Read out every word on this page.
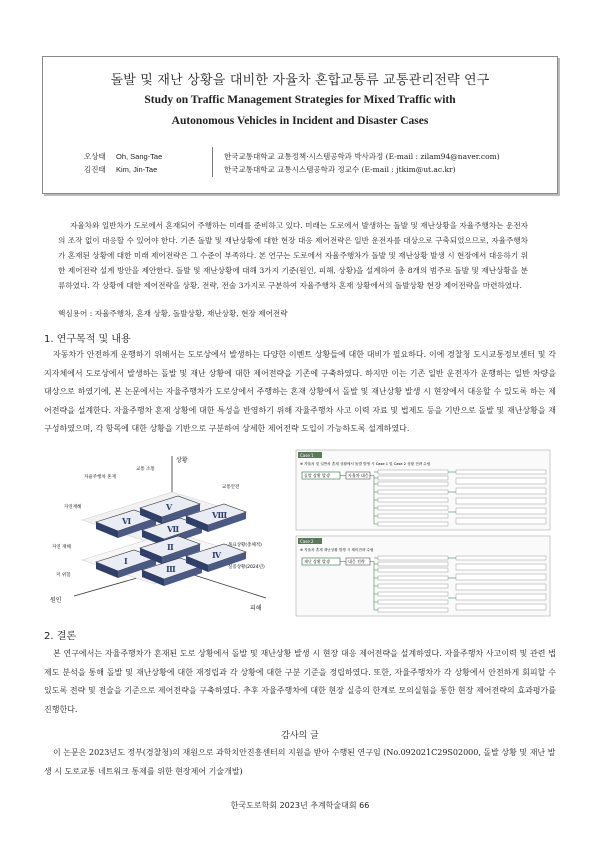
돌발 및 재난 상황을 대비한 자율차 혼합교통류 교통관리전략 연구
Study on Traffic Management Strategies for Mixed Traffic with
Autonomous Vehicles in Incident and Disaster Cases
오상태 Oh, Sang-Tae	한국교통대학교 교통정책·시스템공학과 박사과정 (E-mail : zilam94@naver.com)
김진태 Kim, Jin-Tae	한국교통대학교 교통시스템공학과 정교수 (E-mail : jtkim@ut.ac.kr)

자율차와 일반차가 도로에서 혼재되어 주행하는 미래를 준비하고 있다. 미래는 도로에서 발생하는 돌발 및 재난상황을 자율주행차는 운전자의 조작 없이 대응할 수 있어야 한다. 기존 돌발 및 재난상황에 대한 현장 대응 제어전략은 일반 운전자를 대상으로 구축되었으므로, 자율주행차가 혼재된 상황에 대한 미래 제어전략은 그 수준이 부족하다. 본 연구는 도로에서 자율주행차가 돌발 및 재난상황 발생 시 현장에서 대응하기 위한 제어전략 설계 방안을 제안한다. 돌발 및 재난상황에 대해 3가지 기준(원인, 피해, 상황)을 설계하여 총 8개의 범주로 돌발 및 재난상황을 분류하였다. 각 상황에 대한 제어전략을 상황, 전략, 전술 3가지로 구분하여 자율주행차 혼재 상황에서의 돌발상황 현장 제어전략을 마련하였다.

핵심용어 : 자율주행차, 혼재 상황, 돌발상황, 재난상황, 현장 제어전략
1. 연구목적 및 내용

자동차가 안전하게 운행하기 위해서는 도로상에서 발생하는 다양한 이벤트 상황들에 대한 대비가 필요하다. 이에 경찰청 도시교통정보센터 및 각 지자체에서 도로상에서 발생하는 돌발 및 재난 상황에 대한 제어전략을 기존에 구축하였다. 하지만 이는 기존 일반 운전자가 운행하는 일반 차량을 대상으로 하였기에, 본 논문에서는 자율주행차가 도로상에서 주행하는 혼재 상황에서 돌발 및 재난상황 발생 시 현장에서 대응할 수 있도록 하는 제어전략을 설계한다. 자율주행차 혼재 상황에 대한 특성을 반영하기 위해 자율주행차 사고 이력 자료 및 법제도 등을 기반으로 돌발 및 재난상황을 재구성하였으며, 각 항목에 대한 상황을 기반으로 구분하여 상세한 제어전략 도입이 가능하도록 설계하였다.

상황
원인
피해
Ⅵ
Ⅴ
Ⅶ
Ⅷ
Ⅰ
Ⅱ
Ⅲ
Ⅳ
자율주행차 혼재
교통 소통
자연재해
교통안전
자연 재해
저 위험
목표상황(총체적)
실증상황(2024년)
Case 1
※ 자율차 및 일반차 혼재 상황에서 돌발 발생 시 Case 1 및 Case 2 상황 전략 수립
돌발 상황 발생	자율차 대응
Case 2
※ 자율차 혼재 재난상황 발생 시 제어전략 수립
재난 상황 발생	대응 전략
2. 결론

본 연구에서는 자율주행차가 혼재된 도로 상황에서 돌발 및 재난상황 발생 시 현장 대응 제어전략을 설계하였다. 자율주행차 사고이력 및 관련 법제도 분석을 통해 돌발 및 재난상황에 대한 재정립과 각 상황에 대한 구분 기준을 정립하였다. 또한, 자율주행차가 각 상황에서 안전하게 회피할 수 있도록 전략 및 전술을 기준으로 제어전략을 구축하였다. 추후 자율주행차에 대한 현장 실증의 한계로 모의실험을 통한 현장 제어전략의 효과평가를 진행한다.

감사의 글
이 논문은 2023년도 정부(경찰청)의 재원으로 과학치안진흥센터의 지원을 받아 수행된 연구임 (No.092021C29S02000, 돌발 상황 및 재난 발생 시 도로교통 네트워크 통제를 위한 현장제어 기술개발)
한국도로학회 2023년 추계학술대회 66
